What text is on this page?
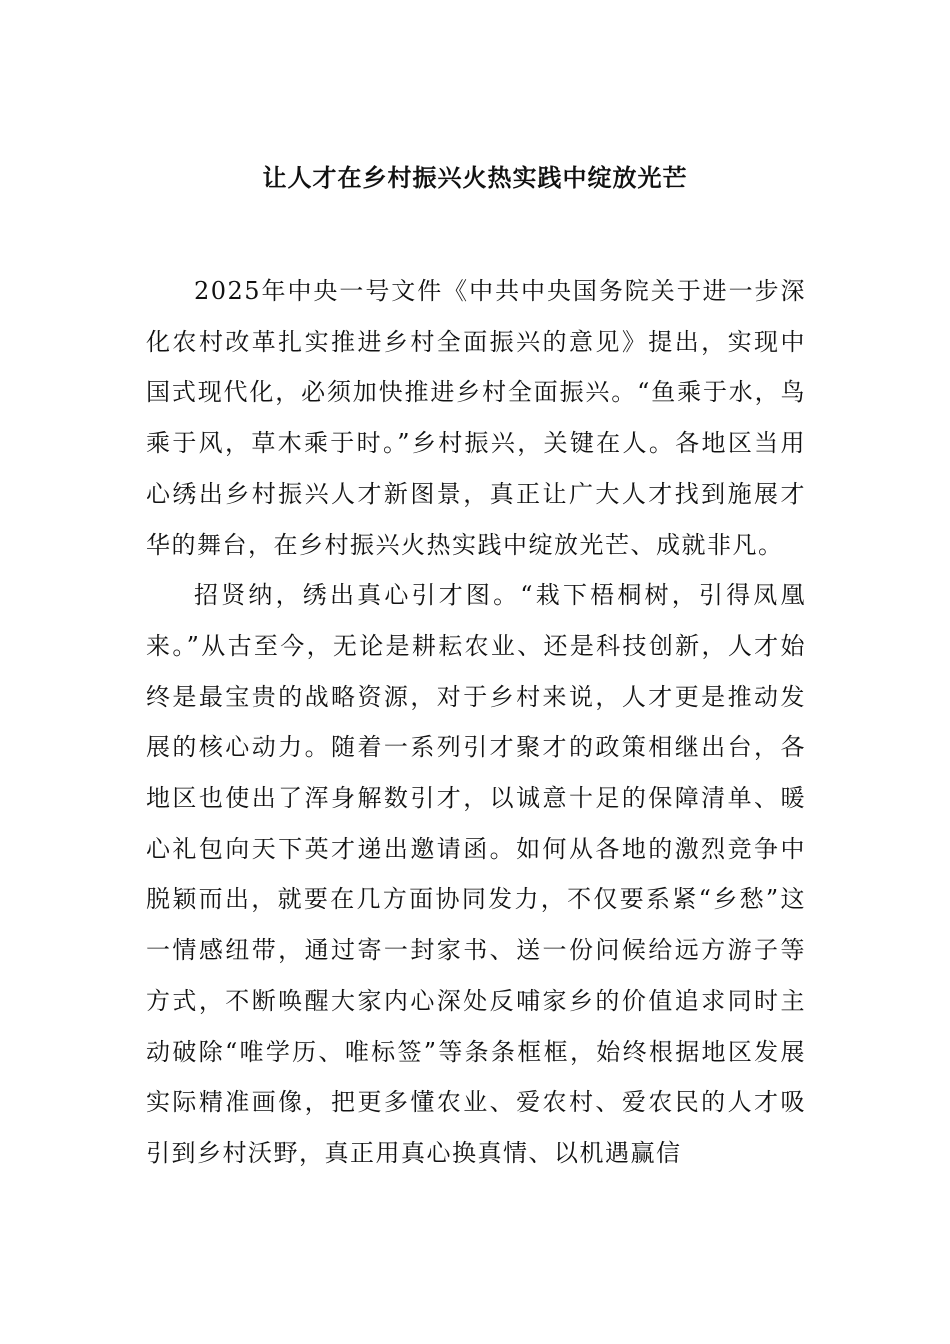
让人才在乡村振兴火热实践中绽放光芒

2025年中央一号文件《中共中央国务院关于进一步深化农村改革扎实推进乡村全面振兴的意见》提出，实现中国式现代化，必须加快推进乡村全面振兴。“鱼乘于水，鸟乘于风，草木乘于时。”乡村振兴，关键在人。各地区当用心绣出乡村振兴人才新图景，真正让广大人才找到施展才华的舞台，在乡村振兴火热实践中绽放光芒、成就非凡。

招贤纳，绣出真心引才图。“栽下梧桐树，引得凤凰来。”从古至今，无论是耕耘农业、还是科技创新，人才始终是最宝贵的战略资源，对于乡村来说，人才更是推动发展的核心动力。随着一系列引才聚才的政策相继出台，各地区也使出了浑身解数引才，以诚意十足的保障清单、暖心礼包向天下英才递出邀请函。如何从各地的激烈竞争中脱颖而出，就要在几方面协同发力，不仅要系紧“乡愁”这一情感纽带，通过寄一封家书、送一份问候给远方游子等方式，不断唤醒大家内心深处反哺家乡的价值追求同时主动破除“唯学历、唯标签”等条条框框，始终根据地区发展实际精准画像，把更多懂农业、爱农村、爱农民的人才吸引到乡村沃野，真正用真心换真情、以机遇赢信
